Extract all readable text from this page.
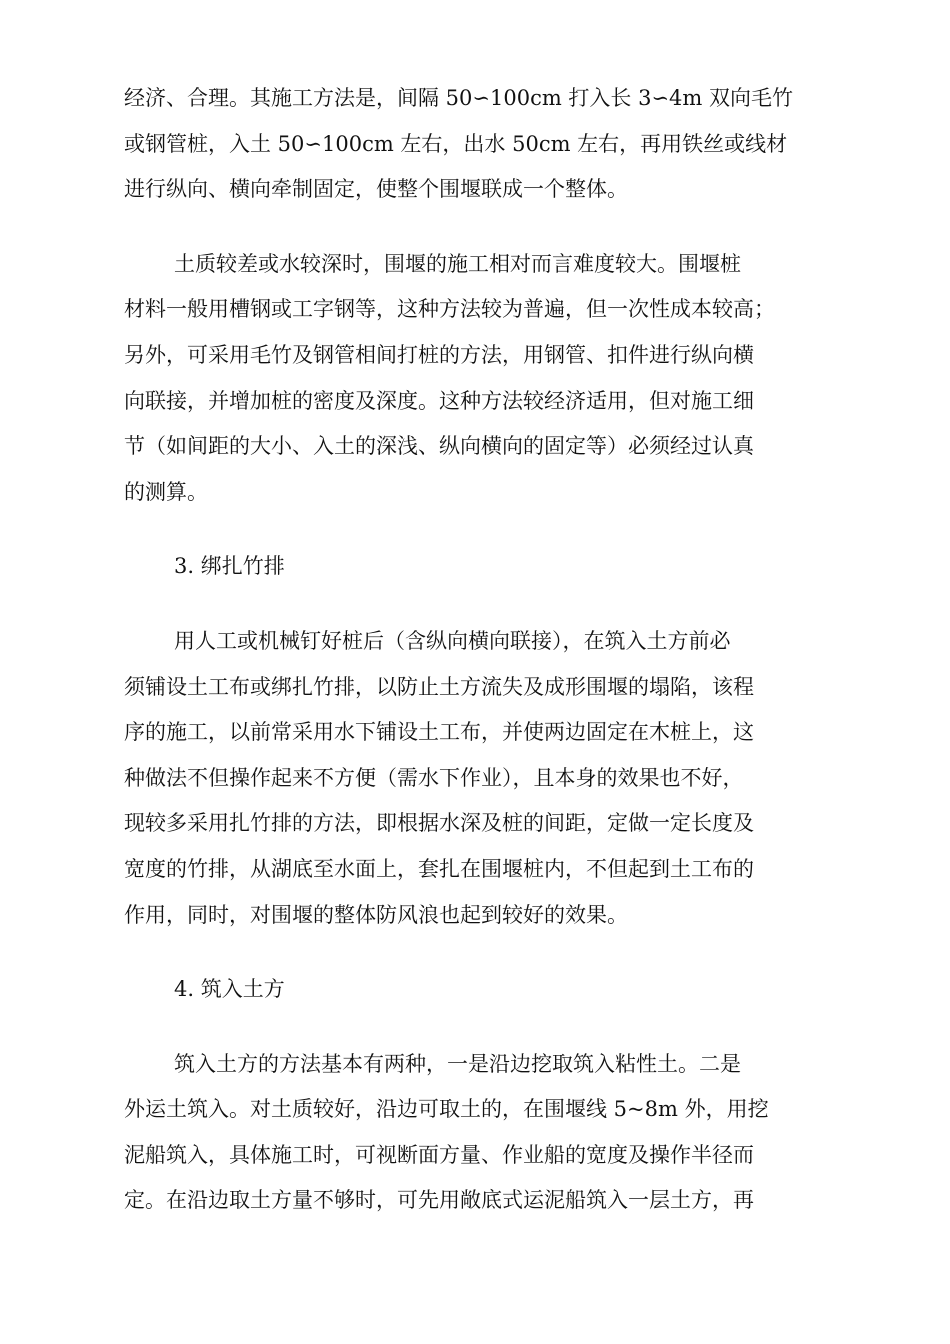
经济、合理。其施工方法是，间隔 50∽100cm 打入长 3∽4m 双向毛竹
或钢管桩，入土 50∽100cm 左右，出水 50cm 左右，再用铁丝或线材
进行纵向、横向牵制固定，使整个围堰联成一个整体。
土质较差或水较深时，围堰的施工相对而言难度较大。围堰桩
材料一般用槽钢或工字钢等，这种方法较为普遍，但一次性成本较高；
另外，可采用毛竹及钢管相间打桩的方法，用钢管、扣件进行纵向横
向联接，并增加桩的密度及深度。这种方法较经济适用，但对施工细
节（如间距的大小、入土的深浅、纵向横向的固定等）必须经过认真
的测算。
3. 绑扎竹排
用人工或机械钉好桩后（含纵向横向联接），在筑入土方前必
须铺设土工布或绑扎竹排，以防止土方流失及成形围堰的塌陷，该程
序的施工，以前常采用水下铺设土工布，并使两边固定在木桩上，这
种做法不但操作起来不方便（需水下作业），且本身的效果也不好，
现较多采用扎竹排的方法，即根据水深及桩的间距，定做一定长度及
宽度的竹排，从湖底至水面上，套扎在围堰桩内，不但起到土工布的
作用，同时，对围堰的整体防风浪也起到较好的效果。
4. 筑入土方
筑入土方的方法基本有两种，一是沿边挖取筑入粘性土。二是
外运土筑入。对土质较好，沿边可取土的，在围堰线 5~8m 外，用挖
泥船筑入，具体施工时，可视断面方量、作业船的宽度及操作半径而
定。在沿边取土方量不够时，可先用敞底式运泥船筑入一层土方，再
